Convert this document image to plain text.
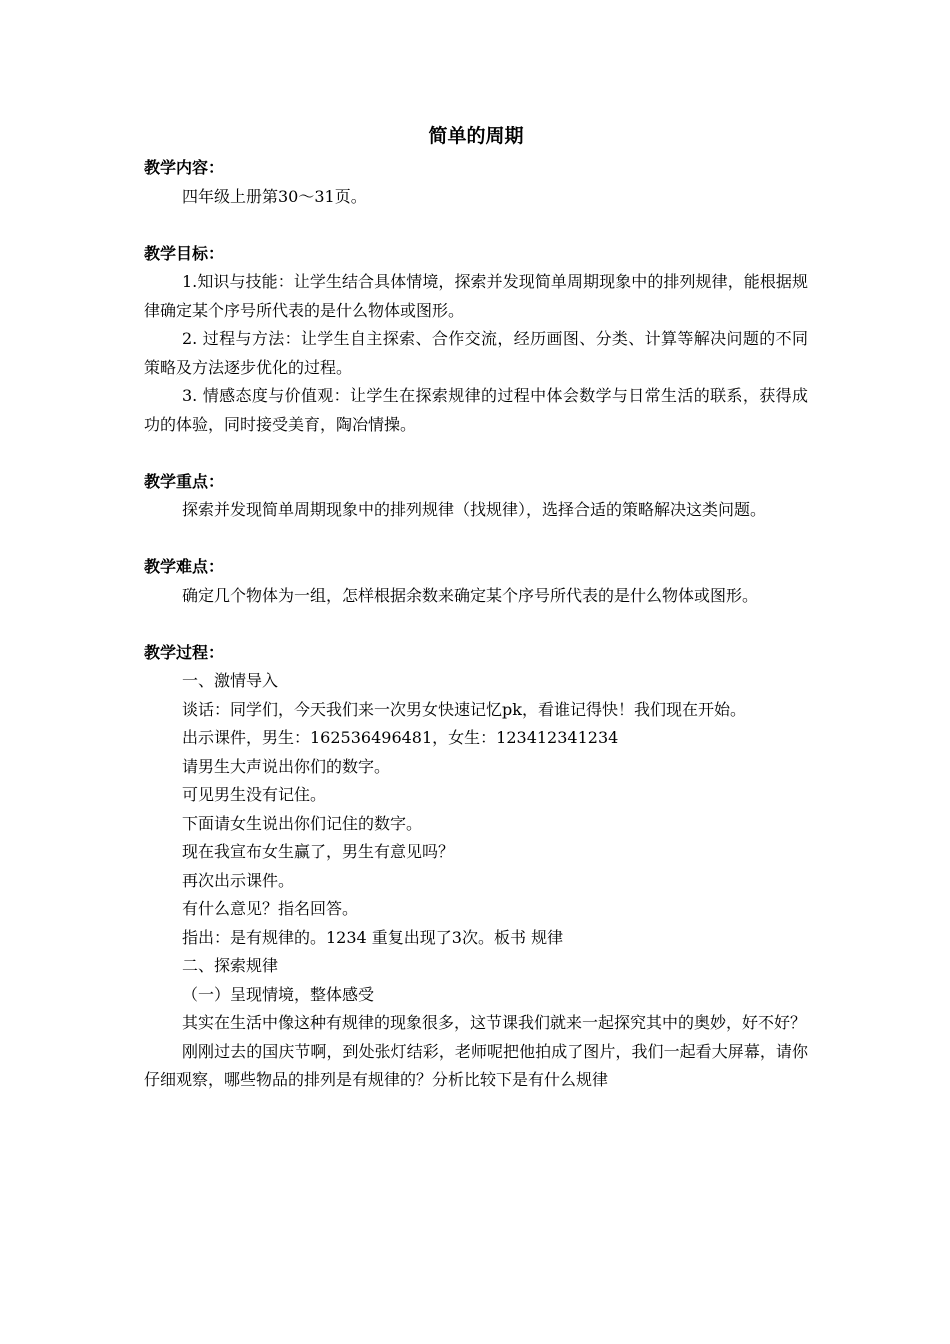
简单的周期
教学内容：
四年级上册第30～31页。
教学目标：
1.知识与技能：让学生结合具体情境，探索并发现简单周期现象中的排列规律，能根据规律确定某个序号所代表的是什么物体或图形。
2. 过程与方法：让学生自主探索、合作交流，经历画图、分类、计算等解决问题的不同策略及方法逐步优化的过程。
3. 情感态度与价值观：让学生在探索规律的过程中体会数学与日常生活的联系，获得成功的体验，同时接受美育，陶冶情操。
教学重点：
探索并发现简单周期现象中的排列规律（找规律），选择合适的策略解决这类问题。
教学难点：
确定几个物体为一组，怎样根据余数来确定某个序号所代表的是什么物体或图形。
教学过程：
一、激情导入
谈话：同学们，今天我们来一次男女快速记忆pk，看谁记得快！我们现在开始。
出示课件，男生：162536496481，女生：123412341234
请男生大声说出你们的数字。
可见男生没有记住。
下面请女生说出你们记住的数字。
现在我宣布女生赢了，男生有意见吗？
再次出示课件。
有什么意见？指名回答。
指出：是有规律的。1234 重复出现了3次。板书 规律
二、探索规律
（一）呈现情境，整体感受
其实在生活中像这种有规律的现象很多，这节课我们就来一起探究其中的奥妙，好不好？
刚刚过去的国庆节啊，到处张灯结彩，老师呢把他拍成了图片，我们一起看大屏幕，请你仔细观察，哪些物品的排列是有规律的？分析比较下是有什么规律
